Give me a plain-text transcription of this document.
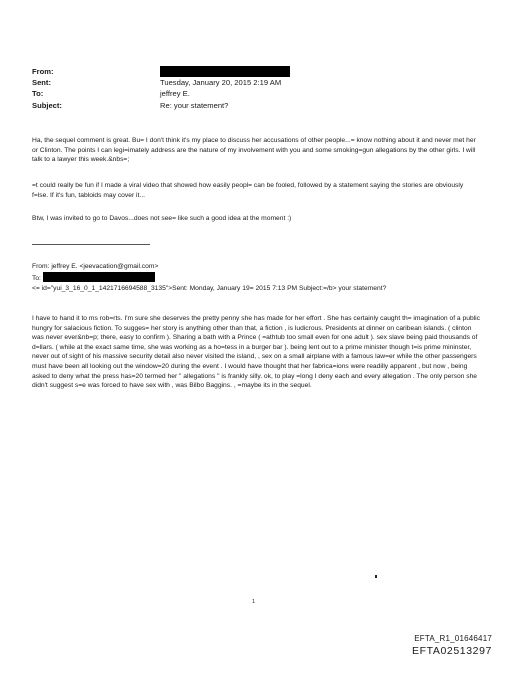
From:
Sent:	Tuesday, January 20, 2015 2:19 AM
To:	jeffrey E.
Subject:	Re: your statement?

Ha, the sequel comment is great. Bu= I don't think it's my place to discuss her accusations of other people...= know nothing about it and never met her or Clinton. The points I can legi=imately address are the nature of my involvement with you and some smoking=gun allegations by the other girls. I will talk to a lawyer this week.&nbs=;

=t could really be fun if I made a viral video that showed how easily peopl= can be fooled, followed by a statement saying the stories are obviously f=lse. If it's fun, tabloids may cover it...

Btw, I was invited to go to Davos...does not see= like such a good idea at the moment :)

From: jeffrey E. <jeevacation@gmail.com>
To:
<= id="yui_3_16_0_1_1421716694588_3135">Sent: Monday, January 19= 2015 7:13 PM Subject:=/b> your statement?

I have to hand it to ms rob=rts. I'm sure she deserves the pretty penny she has made for her effort . She has certainly caught th= imagination of a public hungry for salacious fiction. To sugges= her story is anything other than that, a fiction , is ludicrous. Presidents at dinner on caribean islands. ( clinton was never ever&nb=p; there, easy to confirm ). Sharing a bath with a Prince ( =athtub too small even for one adult ). sex slave being paid thousands of d=llars. ( while at the exact same time, she was working as a ho=tess in a burger bar ). being lent out to a prime minister though t=is prime mininster, never out of sight of his massive security detail also never visited the island, , sex on a small airplane with a famous law=er while the other passengers must have been all looking out the window=20 during the event . I would have thought that her fabrica=ions were readilly apparent , but now , being asked to deny what the press has=20 termed her " allegations " is frankly silly. ok, to play =long I deny each and every allegation . The only person she didn't suggest s=e was forced to have sex with , was Bilbo Baggins. , =maybe its in the sequel.

1
EFTA_R1_01646417
EFTA02513297
